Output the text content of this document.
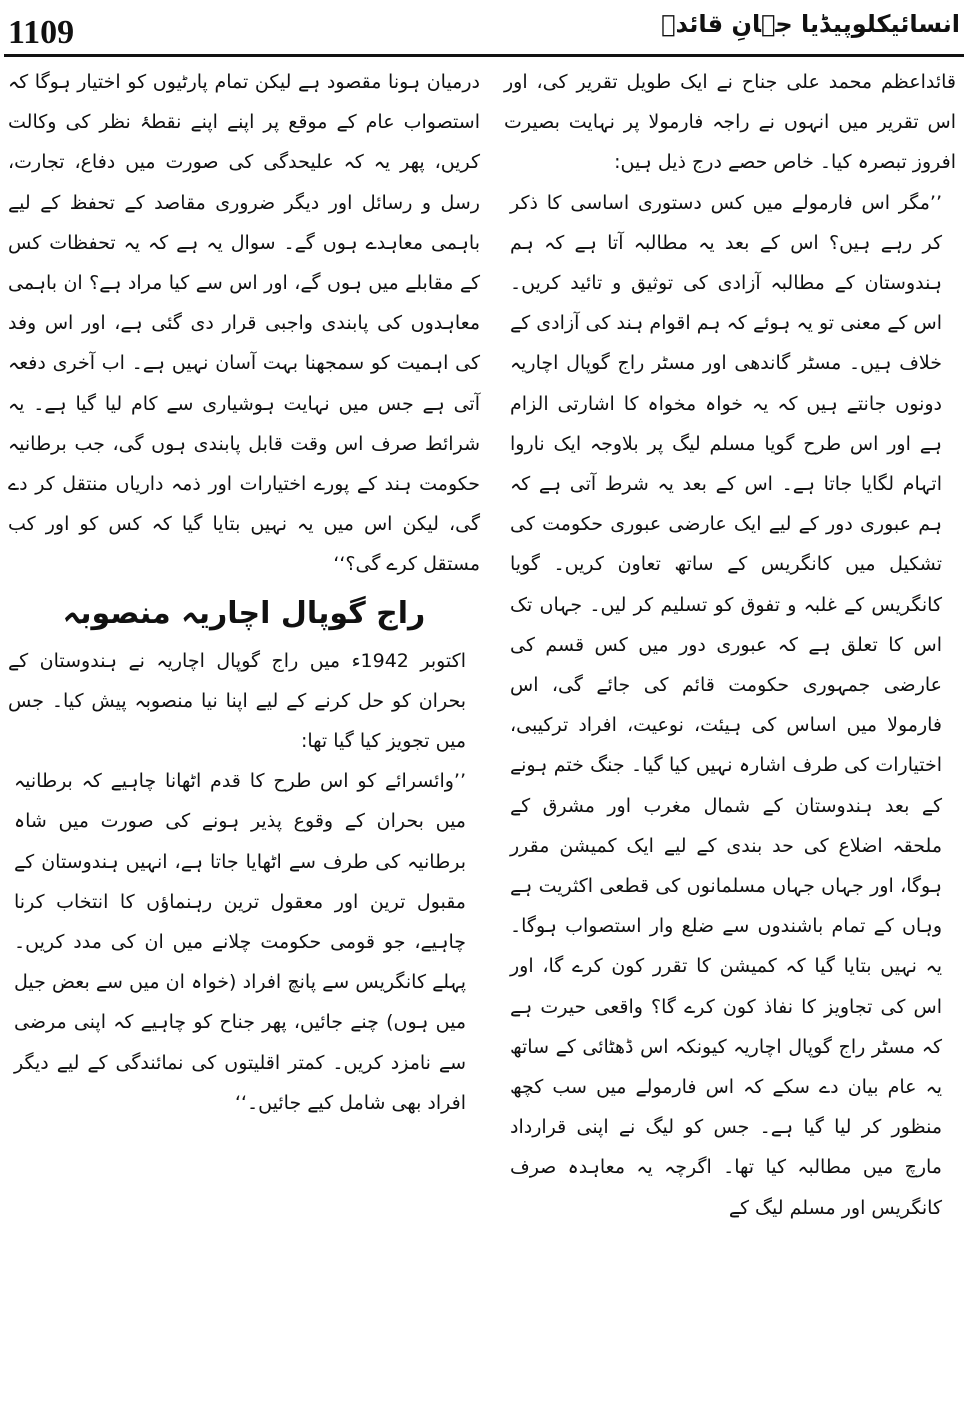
1109	انسائیکلوپیڈیا جہانِ قائدؒ

قائداعظم محمد علی جناح نے ایک طویل تقریر کی، اور اس تقریر میں انہوں نے راجہ فارمولا پر نہایت بصیرت افروز تبصرہ کیا۔ خاص حصے درج ذیل ہیں:

’’مگر اس فارمولے میں کس دستوری اساسی کا ذکر کر رہے ہیں؟ اس کے بعد یہ مطالبہ آتا ہے کہ ہم ہندوستان کے مطالبہ آزادی کی توثیق و تائید کریں۔ اس کے معنی تو یہ ہوئے کہ ہم اقوام ہند کی آزادی کے خلاف ہیں۔ مسٹر گاندھی اور مسٹر راج گوپال اچاریہ دونوں جانتے ہیں کہ یہ خواہ مخواہ کا اشارتی الزام ہے اور اس طرح گویا مسلم لیگ پر بلاوجہ ایک ناروا اتہام لگایا جاتا ہے۔ اس کے بعد یہ شرط آتی ہے کہ ہم عبوری دور کے لیے ایک عارضی عبوری حکومت کی تشکیل میں کانگریس کے ساتھ تعاون کریں۔ گویا کانگریس کے غلبہ و تفوق کو تسلیم کر لیں۔ جہاں تک اس کا تعلق ہے کہ عبوری دور میں کس قسم کی عارضی جمہوری حکومت قائم کی جائے گی، اس فارمولا میں اساس کی ہیئت، نوعیت، افراد ترکیبی، اختیارات کی طرف اشارہ نہیں کیا گیا۔ جنگ ختم ہونے کے بعد ہندوستان کے شمال مغرب اور مشرق کے ملحقہ اضلاع کی حد بندی کے لیے ایک کمیشن مقرر ہوگا، اور جہاں جہاں مسلمانوں کی قطعی اکثریت ہے وہاں کے تمام باشندوں سے ضلع وار استصواب ہوگا۔ یہ نہیں بتایا گیا کہ کمیشن کا تقرر کون کرے گا، اور اس کی تجاویز کا نفاذ کون کرے گا؟ واقعی حیرت ہے کہ مسٹر راج گوپال اچاریہ کیونکہ اس ڈھٹائی کے ساتھ یہ عام بیان دے سکے کہ اس فارمولے میں سب کچھ منظور کر لیا گیا ہے۔ جس کو لیگ نے اپنی قرارداد مارچ میں مطالبہ کیا تھا۔ اگرچہ یہ معاہدہ صرف کانگریس اور مسلم لیگ کے

درمیان ہونا مقصود ہے لیکن تمام پارٹیوں کو اختیار ہوگا کہ استصواب عام کے موقع پر اپنے اپنے نقطۂ نظر کی وکالت کریں، پھر یہ کہ علیحدگی کی صورت میں دفاع، تجارت، رسل و رسائل اور دیگر ضروری مقاصد کے تحفظ کے لیے باہمی معاہدے ہوں گے۔ سوال یہ ہے کہ یہ تحفظات کس کے مقابلے میں ہوں گے، اور اس سے کیا مراد ہے؟ ان باہمی معاہدوں کی پابندی واجبی قرار دی گئی ہے، اور اس وفد کی اہمیت کو سمجھنا بہت آسان نہیں ہے۔ اب آخری دفعہ آتی ہے جس میں نہایت ہوشیاری سے کام لیا گیا ہے۔ یہ شرائط صرف اس وقت قابل پابندی ہوں گی، جب برطانیہ حکومت ہند کے پورے اختیارات اور ذمہ داریاں منتقل کر دے گی، لیکن اس میں یہ نہیں بتایا گیا کہ کس کو اور کب مستقل کرے گی؟‘‘

راج گوپال اچاریہ منصوبہ

اکتوبر 1942ء میں راج گوپال اچاریہ نے ہندوستان کے بحران کو حل کرنے کے لیے اپنا نیا منصوبہ پیش کیا۔ جس میں تجویز کیا گیا تھا:

’’وائسرائے کو اس طرح کا قدم اٹھانا چاہیے کہ برطانیہ میں بحران کے وقوع پذیر ہونے کی صورت میں شاہ برطانیہ کی طرف سے اٹھایا جاتا ہے، انہیں ہندوستان کے مقبول ترین اور معقول ترین رہنماؤں کا انتخاب کرنا چاہیے، جو قومی حکومت چلانے میں ان کی مدد کریں۔ پہلے کانگریس سے پانچ افراد (خواہ ان میں سے بعض جیل میں ہوں) چنے جائیں، پھر جناح کو چاہیے کہ اپنی مرضی سے نامزد کریں۔ کمتر اقلیتوں کی نمائندگی کے لیے دیگر افراد بھی شامل کیے جائیں۔‘‘
